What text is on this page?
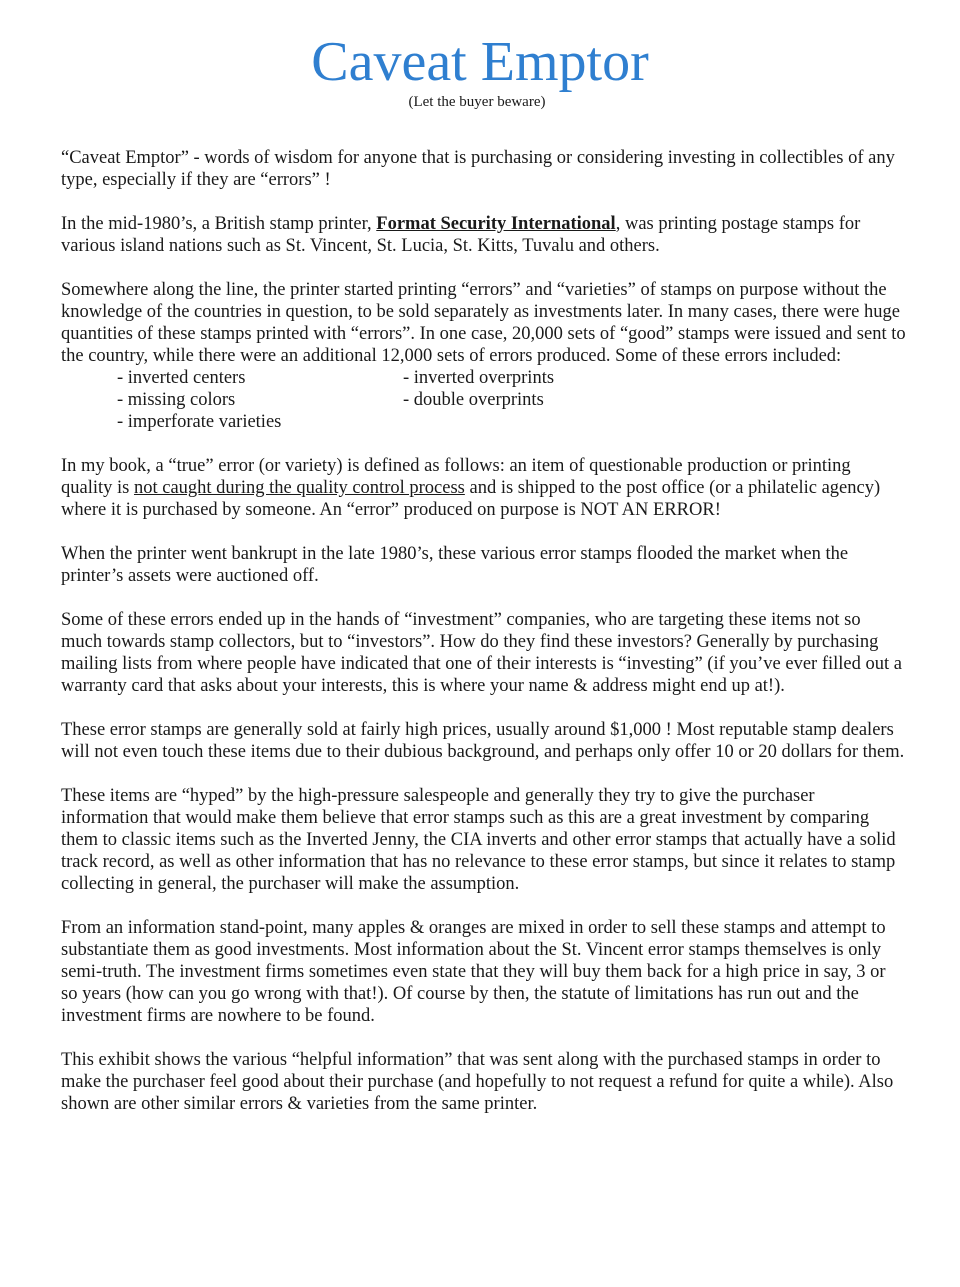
Caveat Emptor
(Let the buyer beware)

“Caveat Emptor” - words of wisdom for anyone that is purchasing or considering investing in collectibles of any type, especially if they are “errors” !

In the mid-1980’s, a British stamp printer, Format Security International, was printing postage stamps for various island nations such as St. Vincent, St. Lucia, St. Kitts, Tuvalu and others.

Somewhere along the line, the printer started printing “errors” and “varieties” of stamps on purpose without the knowledge of the countries in question, to be sold separately as investments later. In many cases, there were huge quantities of these stamps printed with “errors”. In one case, 20,000 sets of “good” stamps were issued and sent to the country, while there were an additional 12,000 sets of errors produced. Some of these errors included:

- inverted centers
- missing colors
- imperforate varieties
- inverted overprints
- double overprints

In my book, a “true” error (or variety) is defined as follows: an item of questionable production or printing quality is not caught during the quality control process and is shipped to the post office (or a philatelic agency) where it is purchased by someone. An “error” produced on purpose is NOT AN ERROR!

When the printer went bankrupt in the late 1980’s, these various error stamps flooded the market when the printer’s assets were auctioned off.

Some of these errors ended up in the hands of “investment” companies, who are targeting these items not so much towards stamp collectors, but to “investors”. How do they find these investors? Generally by purchasing mailing lists from where people have indicated that one of their interests is “investing” (if you’ve ever filled out a warranty card that asks about your interests, this is where your name & address might end up at!).

These error stamps are generally sold at fairly high prices, usually around $1,000 ! Most reputable stamp dealers will not even touch these items due to their dubious background, and perhaps only offer 10 or 20 dollars for them.

These items are “hyped” by the high-pressure salespeople and generally they try to give the purchaser information that would make them believe that error stamps such as this are a great investment by comparing them to classic items such as the Inverted Jenny, the CIA inverts and other error stamps that actually have a solid track record, as well as other information that has no relevance to these error stamps, but since it relates to stamp collecting in general, the purchaser will make the assumption.

From an information stand-point, many apples & oranges are mixed in order to sell these stamps and attempt to substantiate them as good investments. Most information about the St. Vincent error stamps themselves is only semi-truth. The investment firms sometimes even state that they will buy them back for a high price in say, 3 or so years (how can you go wrong with that!). Of course by then, the statute of limitations has run out and the investment firms are nowhere to be found.

This exhibit shows the various “helpful information” that was sent along with the purchased stamps in order to make the purchaser feel good about their purchase (and hopefully to not request a refund for quite a while). Also shown are other similar errors & varieties from the same printer.
